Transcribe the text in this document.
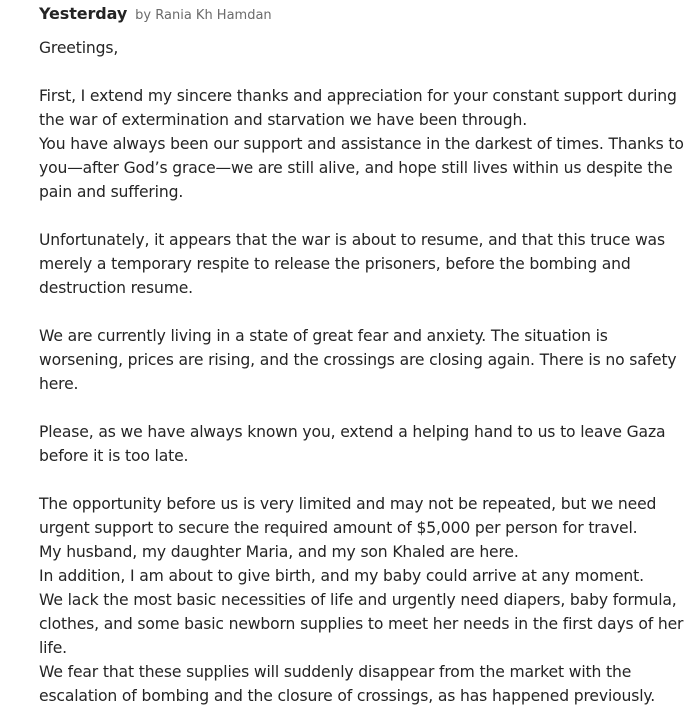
Yesterday by Rania Kh Hamdan

Greetings,

First, I extend my sincere thanks and appreciation for your constant support during the war of extermination and starvation we have been through.
You have always been our support and assistance in the darkest of times. Thanks to you—after God’s grace—we are still alive, and hope still lives within us despite the pain and suffering.

Unfortunately, it appears that the war is about to resume, and that this truce was merely a temporary respite to release the prisoners, before the bombing and destruction resume.

We are currently living in a state of great fear and anxiety. The situation is worsening, prices are rising, and the crossings are closing again. There is no safety here.

Please, as we have always known you, extend a helping hand to us to leave Gaza before it is too late.

The opportunity before us is very limited and may not be repeated, but we need urgent support to secure the required amount of $5,000 per person for travel.
My husband, my daughter Maria, and my son Khaled are here.
In addition, I am about to give birth, and my baby could arrive at any moment.
We lack the most basic necessities of life and urgently need diapers, baby formula, clothes, and some basic newborn supplies to meet her needs in the first days of her life.
We fear that these supplies will suddenly disappear from the market with the escalation of bombing and the closure of crossings, as has happened previously.
